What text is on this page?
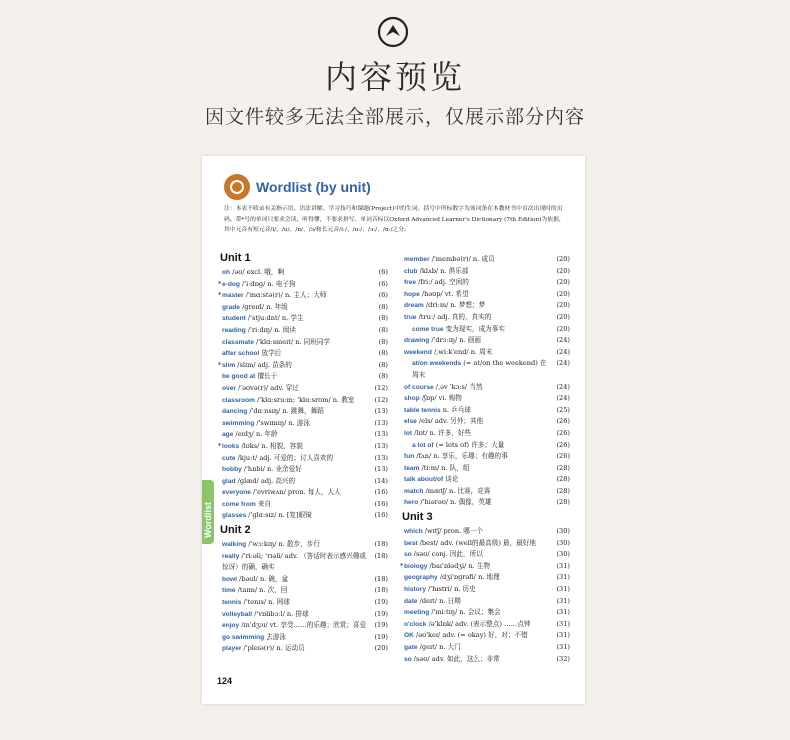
内容预览
因文件较多无法全部展示，仅展示部分内容
Wordlist (by unit)
注：本表不收录有关指示语、语法讲解、学习技巧和课题(Project)中的生词。括号中所标数字为该词条在本教材书中首次出现时的页码。带*号的单词只要求会读、听得懂，不要求拼写。单词音标以Oxford Advanced Learner's Dictionary (7th Edition)为依据，其中元音有短元音/i/、/u/、/ɒ/、/ɔ/和长元音/iː/、/uː/、/ɔː/、/ɑː/之分。
Wordlist
Unit 1
oh /əʊ/ excl. 哦，啊	(6)
* e-dog /'iːdɒɡ/ n. 电子狗	(6)
* master /'mɑːstə(r)/ n. 主人；大师	(6)
grade /ɡreɪd/ n. 年级	(8)
student /'stjuːdnt/ n. 学生	(8)
reading /'riːdɪŋ/ n. 阅读	(8)
classmate /'klɑːsmeɪt/ n. 同班同学	(8)
after school 放学后	(8)
* slim /slɪm/ adj. 苗条的	(8)
be good at 擅长于	(8)
over /'əʊvə(r)/ adv. 穿过	(12)
classroom /'klɑːsruːm; 'klɑːsrʊm/ n. 教室	(12)
dancing /'dɑːnsɪŋ/ n. 跳舞，舞蹈	(13)
swimming /'swɪmɪŋ/ n. 游泳	(13)
age /eɪdʒ/ n. 年龄	(13)
* looks /lʊks/ n. 相貌，容貌	(13)
cute /kjuːt/ adj. 可爱的；讨人喜欢的	(13)
hobby /'hɒbi/ n. 业余爱好	(13)
glad /ɡlæd/ adj. 高兴的	(14)
everyone /'evriwʌn/ pron. 每人，人人	(16)
come from 来自	(16)
glasses /'ɡlɑːsɪz/ n. [复]眼镜	(16)
Unit 2
walking /'wɔːkɪŋ/ n. 散步，步行	(18)
really /'riːəli; 'rɪəli/ adv. （答话时表示感兴趣或惊讶）的确，确实
(18)
bowl /bəʊl/ n. 碗，盆	(18)
time /taɪm/ n. 次，回	(18)
tennis /'tenɪs/ n. 网球	(19)
volleyball /'vɒlibɔːl/ n. 排球	(19)
enjoy /ɪn'dʒɔɪ/ vt. 享受……的乐趣；欣赏；喜爱 (19)
go swimming 去游泳	(19)
player /'pleɪə(r)/ n. 运动员	(20)
member /'membə(r)/ n. 成员	(20)
club /klʌb/ n. 俱乐部	(20)
free /friː/ adj. 空闲的	(20)
hope /həʊp/ vt. 希望	(20)
dream /driːm/ n. 梦想；梦	(20)
true /truː/ adj. 真的，真实的	(20)
come true 变为现实，成为事实	(20)
drawing /'drɔːɪŋ/ n. 画画	(24)
weekend /,wiːk'end/ n. 周末	(24)
at/on weekends (= at/on the weekend) 在周末
(24)
of course /,əv 'kɔːs/ 当然	(24)
shop /ʃɒp/ vi. 购物	(24)
table tennis n. 乒乓球	(25)
else /els/ adv. 另外；其他	(26)
lot /lɒt/ n. 许多，好些	(26)
a lot of (= lots of) 许多；大量	(26)
fun /fʌn/ n. 享乐，乐趣；有趣的事	(26)
team /tiːm/ n. 队，组	(28)
talk about/of 谈论	(28)
match /mætʃ/ n. 比赛，竞赛	(28)
hero /'hɪərəʊ/ n. 偶像，英雄	(28)
Unit 3
which /wɪtʃ/ pron. 哪一个	(30)
best /best/ adv. (well的最高级) 最，最好地	(30)
so /səʊ/ conj. 因此，所以	(30)
* biology /baɪ'ɒlədʒi/ n. 生物	(31)
geography /dʒi'ɒɡrəfi/ n. 地理	(31)
history /'hɪstri/ n. 历史	(31)
date /deɪt/ n. 日期	(31)
meeting /'miːtɪŋ/ n. 会议；集会	(31)
o'clock /ə'klɒk/ adv. (表示整点) ……点钟	(31)
OK /əʊ'keɪ/ adv. (= okay) 好，对；不错	(31)
gate /ɡeɪt/ n. 大门	(31)
so /səʊ/ adv. 如此，这么；非常	(32)
124
